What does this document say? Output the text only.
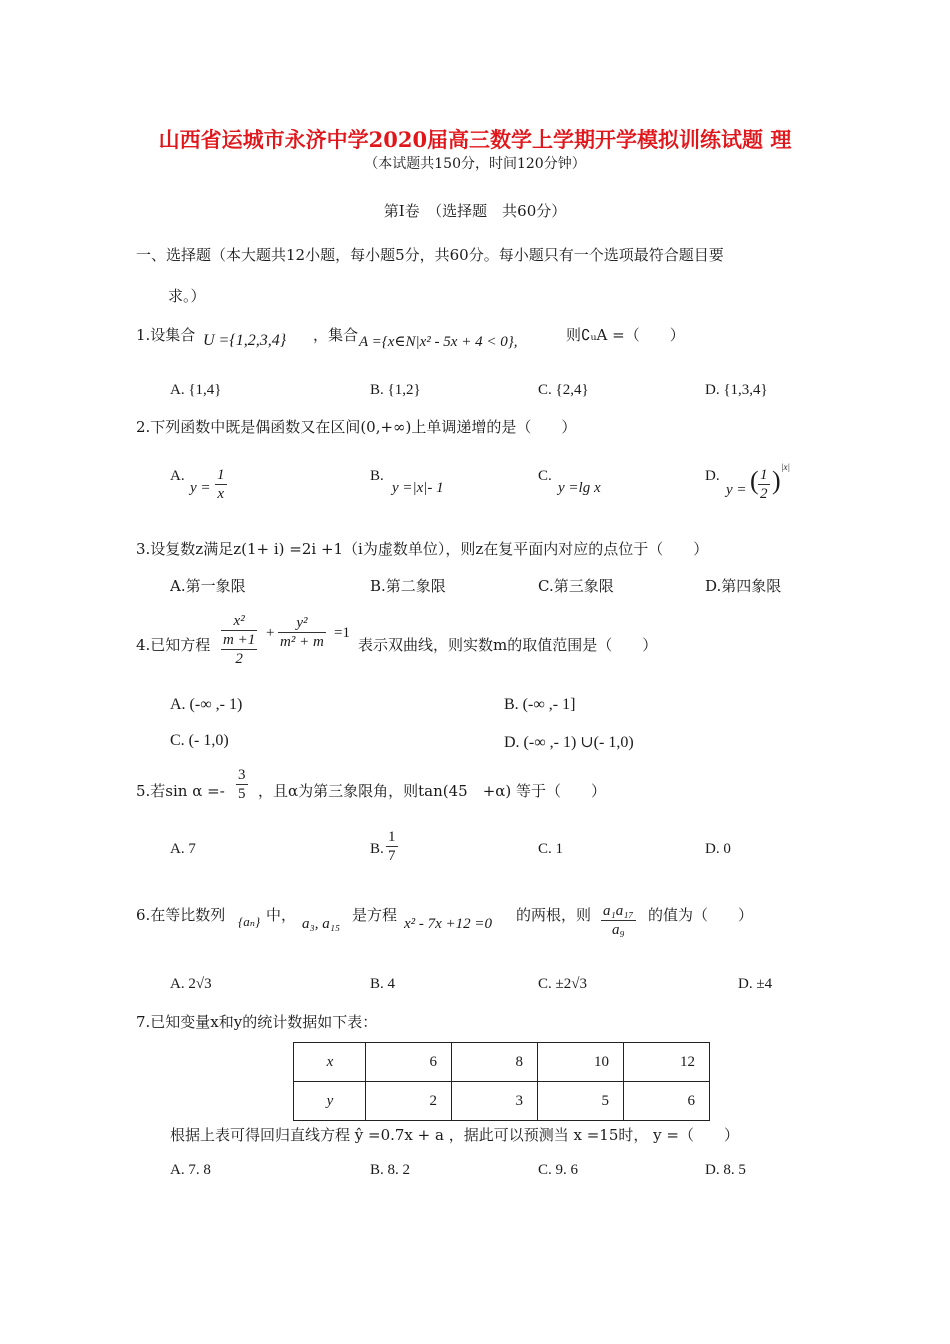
山西省运城市永济中学2020届高三数学上学期开学模拟训练试题 理
（本试题共150分，时间120分钟）
第Ⅰ卷　（选择题　共60分）
一、选择题（本大题共12小题，每小题5分，共60分。每小题只有一个选项最符合题目要
求。）
1.设集合 U ={1,2,3,4} ，集合 A ={x∈N|x² - 5x + 4 < 0},	则∁ᵤA =（　　）
A. {1,4}	B. {1,2}	C. {2,4}	D. {1,3,4}
2.下列函数中既是偶函数又在区间(0,+∞)上单调递增的是（　　）
A.
$y = \frac{1}{x}$	B.
y =|x|- 1
C.
y =lg x
D.
y = ( $\frac{1}{2}$ ) |x|
3.设复数z满足z(1+ i) =2i +1（i为虚数单位），则z在复平面内对应的点位于（　　）
A.第一象限	B.第二象限	C.第三象限	D.第四象限
4.已知方程
x²
m +1
2
+ $\frac{\text{y²}}{\text{m² + m}} =1$
表示双曲线，则实数m的取值范围是（　　）
A. (-∞ ,- 1)	B. (-∞ ,- 1]
C. (- 1,0)	D. (-∞ ,- 1) ∪(- 1,0)
5.若$\sin \alpha =- \frac{3}{5}$ ，且α为第三象限角，则tan(45　+α) 等于（　　）
A. 7	B. $\frac{1}{7}$	C. 1	D. 0
6.在等比数列 {aₙ} 中， a₃, a₁₅ 是方程 x² - 7x +12 =0 的两根，则 $\frac{\text{a₁a₁₇}}{\text{a₉}}$ 的值为（　　）
A. 2√3	B. 4	C. ±2√3	D. ±4
7.已知变量x和y的统计数据如下表：
x	6	8	10	12
y	2	3	5	6
根据上表可得回归直线方程 ŷ =0.7x + a ，据此可以预测当 x =15时， y =（　　）
A. 7. 8	B. 8. 2	C. 9. 6	D. 8. 5
